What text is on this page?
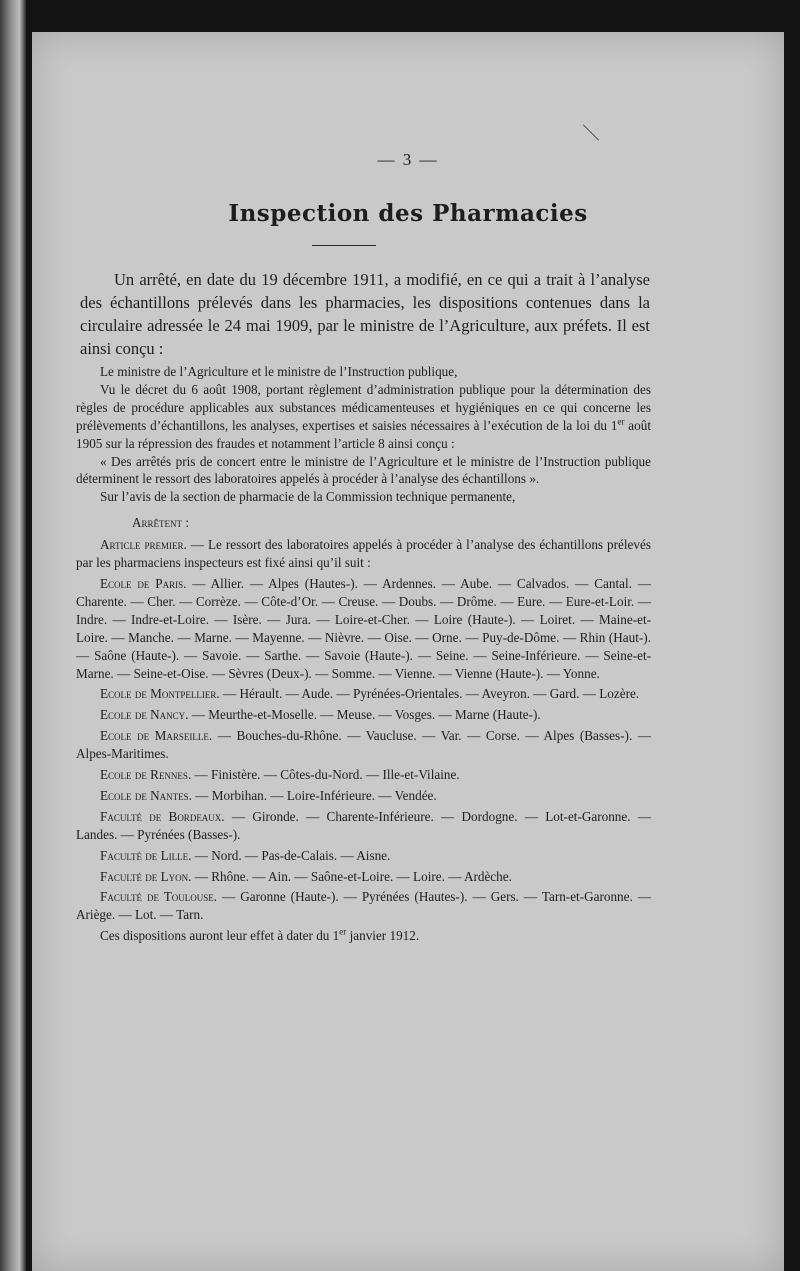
— 3 —
Inspection des Pharmacies

Un arrêté, en date du 19 décembre 1911, a modifié, en ce qui a trait à l’analyse des échantillons prélevés dans les pharmacies, les dispositions contenues dans la circulaire adressée le 24 mai 1909, par le ministre de l’Agriculture, aux préfets. Il est ainsi conçu :

Le ministre de l’Agriculture et le ministre de l’Instruction publique,

Vu le décret du 6 août 1908, portant règlement d’administration publique pour la détermination des règles de procédure applicables aux substances médicamenteuses et hygiéniques en ce qui concerne les prélèvements d’échantillons, les analyses, expertises et saisies nécessaires à l’exécution de la loi du 1er août 1905 sur la répression des fraudes et notamment l’article 8 ainsi conçu :

« Des arrêtés pris de concert entre le ministre de l’Agriculture et le ministre de l’Instruction publique déterminent le ressort des laboratoires appelés à procéder à l’analyse des échantillons ».

Sur l’avis de la section de pharmacie de la Commission technique permanente,

Arrêtent :

Article premier. — Le ressort des laboratoires appelés à procéder à l’analyse des échantillons prélevés par les pharmaciens inspecteurs est fixé ainsi qu’il suit :

Ecole de Paris. — Allier. — Alpes (Hautes-). — Ardennes. — Aube. — Calvados. — Cantal. — Charente. — Cher. — Corrèze. — Côte-d’Or. — Creuse. — Doubs. — Drôme. — Eure. — Eure-et-Loir. — Indre. — Indre-et-Loire. — Isère. — Jura. — Loire-et-Cher. — Loire (Haute-). — Loiret. — Maine-et-Loire. — Manche. — Marne. — Mayenne. — Nièvre. — Oise. — Orne. — Puy-de-Dôme. — Rhin (Haut-). — Saône (Haute-). — Savoie. — Sarthe. — Savoie (Haute-). — Seine. — Seine-Inférieure. — Seine-et-Marne. — Seine-et-Oise. — Sèvres (Deux-). — Somme. — Vienne. — Vienne (Haute-). — Yonne.

Ecole de Montpellier. — Hérault. — Aude. — Pyrénées-Orientales. — Aveyron. — Gard. — Lozère.

Ecole de Nancy. — Meurthe-et-Moselle. — Meuse. — Vosges. — Marne (Haute-).

Ecole de Marseille. — Bouches-du-Rhône. — Vaucluse. — Var. — Corse. — Alpes (Basses-). — Alpes-Maritimes.

Ecole de Rennes. — Finistère. — Côtes-du-Nord. — Ille-et-Vilaine.

Ecole de Nantes. — Morbihan. — Loire-Inférieure. — Vendée.

Faculté de Bordeaux. — Gironde. — Charente-Inférieure. — Dordogne. — Lot-et-Garonne. — Landes. — Pyrénées (Basses-).

Faculté de Lille. — Nord. — Pas-de-Calais. — Aisne.

Faculté de Lyon. — Rhône. — Ain. — Saône-et-Loire. — Loire. — Ardèche.

Faculté de Toulouse. — Garonne (Haute-). — Pyrénées (Hautes-). — Gers. — Tarn-et-Garonne. — Ariège. — Lot. — Tarn.

Ces dispositions auront leur effet à dater du 1er janvier 1912.
